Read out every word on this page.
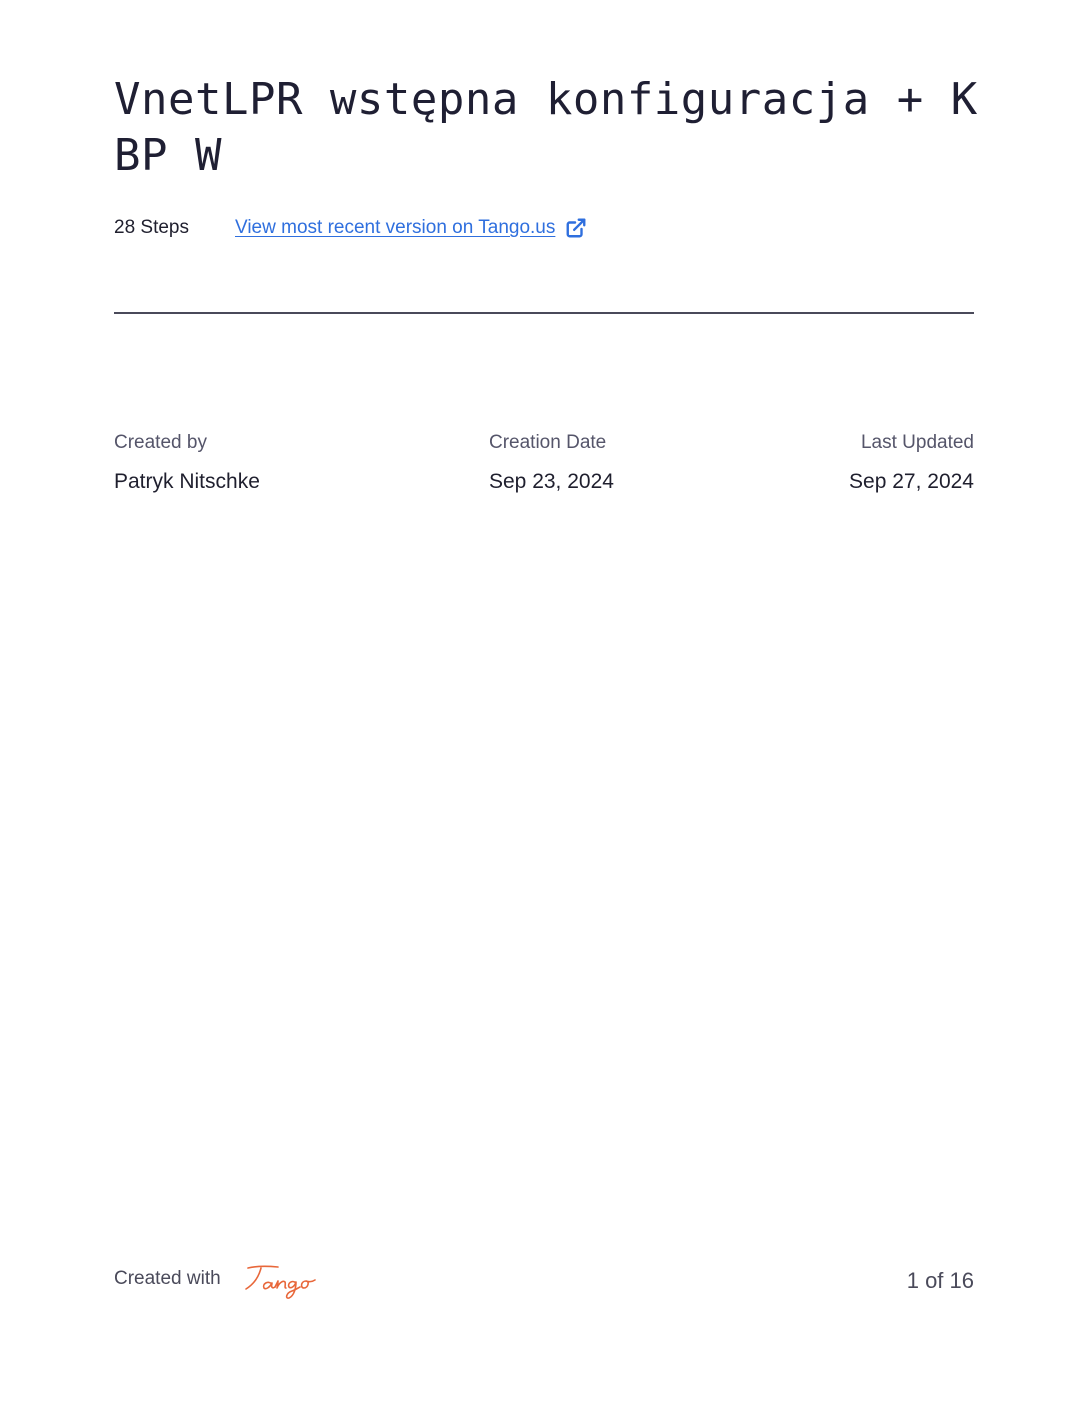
VnetLPR wstępna konfiguracja + KBP W
28 Steps	View most recent version on Tango.us
Created by
Patryk Nitschke
Creation Date
Sep 23, 2024
Last Updated
Sep 27, 2024
Created with	1 of 16
